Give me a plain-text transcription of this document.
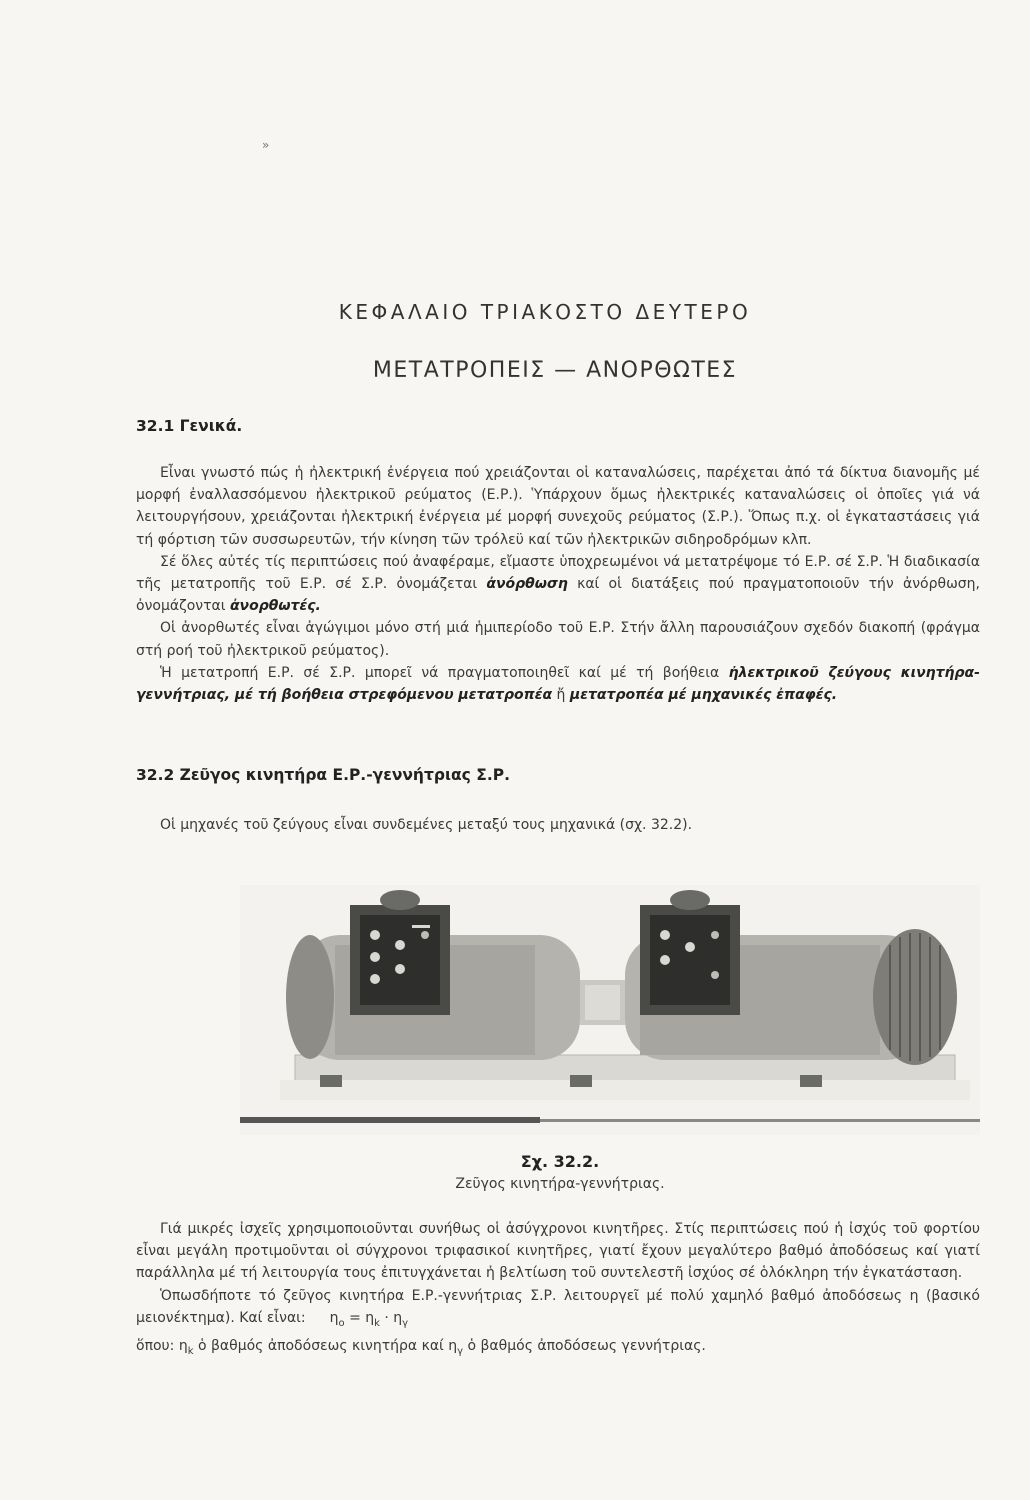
»
ΚΕΦΑΛΑΙΟ ΤΡΙΑΚΟΣΤΟ ΔΕΥΤΕΡΟ
ΜΕΤΑΤΡΟΠΕΙΣ — ΑΝΟΡΘΩΤΕΣ
32.1 Γενικά.

Εἶναι γνωστό πώς ἡ ἠλεκτρική ἐνέργεια πού χρειάζονται οἱ καταναλώσεις, παρέχεται ἀπό τά δίκτυα διανομῆς μέ μορφή ἐναλλασσόμενου ἠλεκτρικοῦ ρεύματος (Ε.Ρ.). Ὑπάρχουν ὅμως ἠλεκτρικές καταναλώσεις οἱ ὁποῖες γιά νά λειτουργήσουν, χρειάζονται ἠλεκτρική ἐνέργεια μέ μορφή συνεχοῦς ρεύματος (Σ.Ρ.). Ὅπως π.χ. οἱ ἐγκαταστάσεις γιά τή φόρτιση τῶν συσσωρευτῶν, τήν κίνηση τῶν τρόλεϋ καί τῶν ἠλεκτρικῶν σιδηροδρόμων κλπ.

Σέ ὅλες αὐτές τίς περιπτώσεις πού ἀναφέραμε, εἴμαστε ὑποχρεωμένοι νά μετατρέψομε τό Ε.Ρ. σέ Σ.Ρ. Ἡ διαδικασία τῆς μετατροπῆς τοῦ Ε.Ρ. σέ Σ.Ρ. ὀνομάζεται ἀνόρθωση καί οἱ διατάξεις πού πραγματοποιοῦν τήν ἀνόρθωση, ὀνομάζονται ἀνορθωτές.

Οἱ ἀνορθωτές εἶναι ἀγώγιμοι μόνο στή μιά ἡμιπερίοδο τοῦ Ε.Ρ. Στήν ἄλλη παρουσιάζουν σχεδόν διακοπή (φράγμα στή ροή τοῦ ἠλεκτρικοῦ ρεύματος).

Ἡ μετατροπή Ε.Ρ. σέ Σ.Ρ. μπορεῖ νά πραγματοποιηθεῖ καί μέ τή βοήθεια ἠλεκτρικοῦ ζεύγους κινητήρα-γεννήτριας, μέ τή βοήθεια στρεφόμενου μετατροπέα ἤ μετατροπέα μέ μηχανικές ἐπαφές.

32.2 Ζεῦγος κινητήρα Ε.Ρ.-γεννήτριας Σ.Ρ.

Οἱ μηχανές τοῦ ζεύγους εἶναι συνδεμένες μεταξύ τους μηχανικά (σχ. 32.2).

Σχ. 32.2.
Ζεῦγος κινητήρα-γεννήτριας.

Γιά μικρές ἰσχεῖς χρησιμοποιοῦνται συνήθως οἱ ἀσύγχρονοι κινητῆρες. Στίς περιπτώσεις πού ἡ ἰσχύς τοῦ φορτίου εἶναι μεγάλη προτιμοῦνται οἱ σύγχρονοι τριφασικοί κινητῆρες, γιατί ἔχουν μεγαλύτερο βαθμό ἀποδόσεως καί γιατί παράλληλα μέ τή λειτουργία τους ἐπιτυγχάνεται ἡ βελτίωση τοῦ συντελεστῆ ἰσχύος σέ ὁλόκληρη τήν ἐγκατάσταση.

Ὁπωσδήποτε τό ζεῦγος κινητήρα Ε.Ρ.-γεννήτριας Σ.Ρ. λειτουργεῖ μέ πολύ χαμηλό βαθμό ἀποδόσεως η (βασικό μειονέκτημα). Καί εἶναι: $\eta_o = \eta_k \cdot \eta_\gamma$

ὅπου: $\eta_k$ ὁ βαθμός ἀποδόσεως κινητήρα καί $\eta_\gamma$ ὁ βαθμός ἀποδόσεως γεννήτριας.
